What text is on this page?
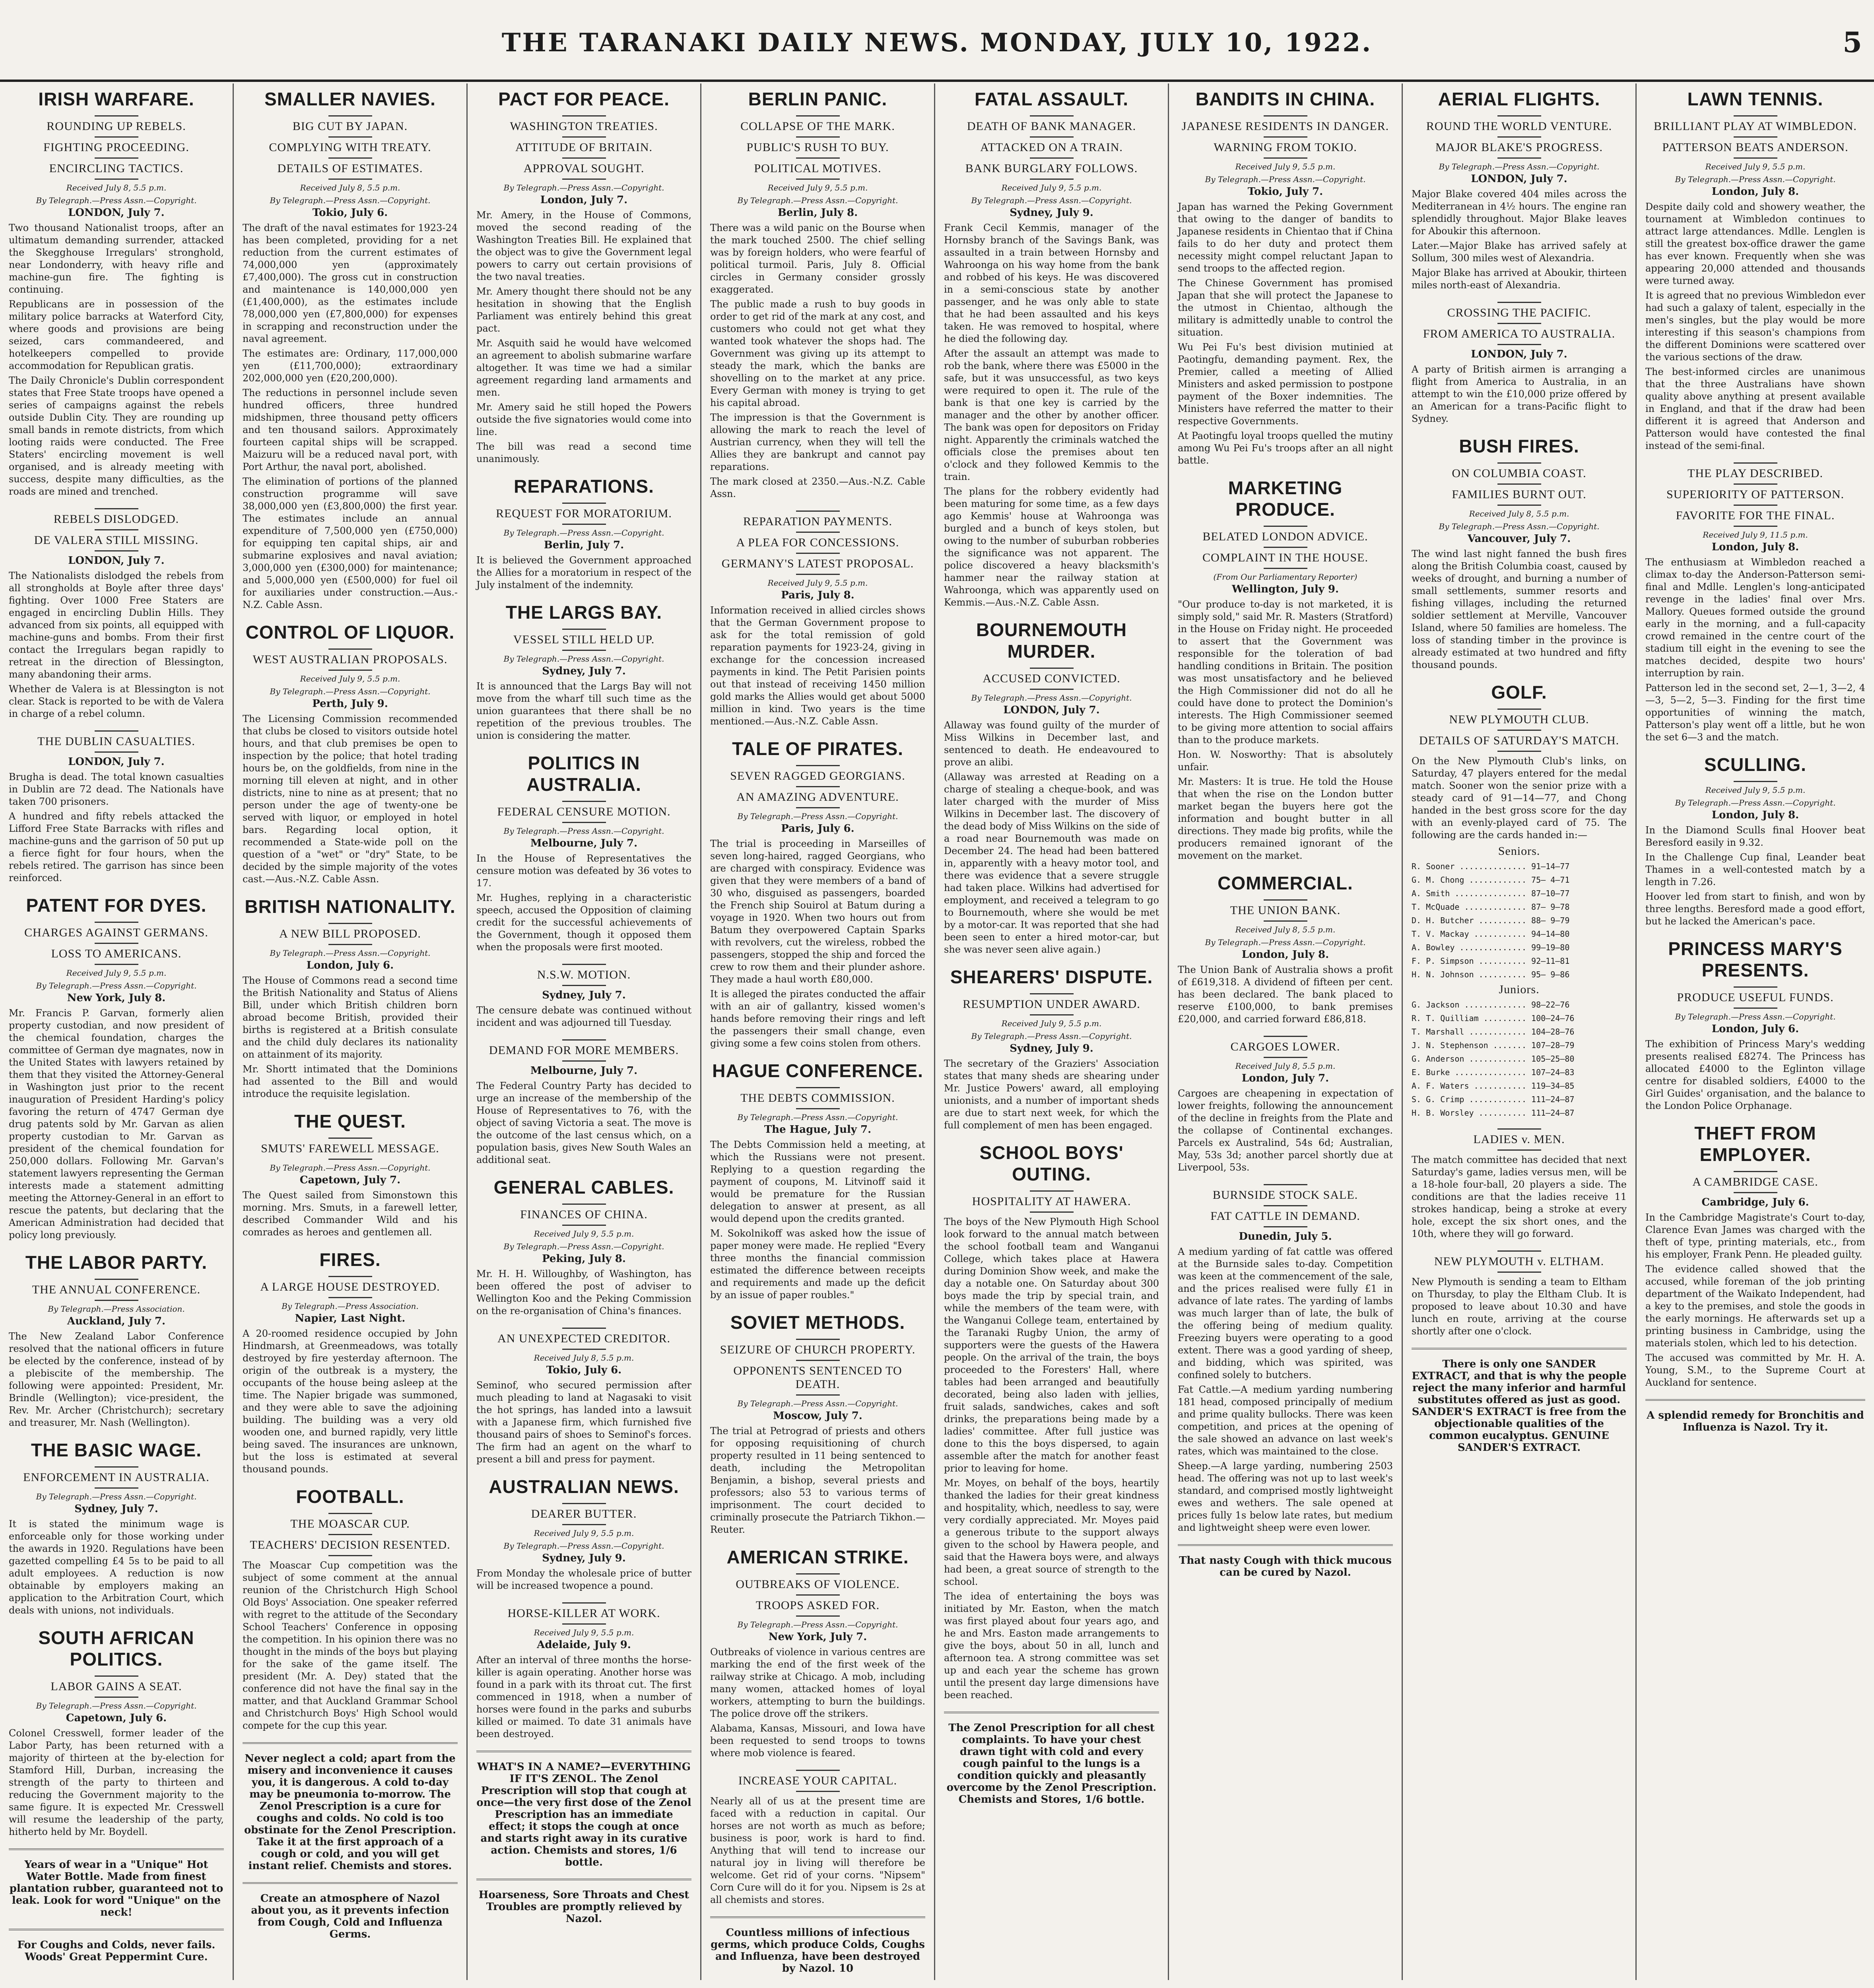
THE TARANAKI DAILY NEWS. MONDAY, JULY 10, 1922.	5
IRISH WARFARE.
ROUNDING UP REBELS.
FIGHTING PROCEEDING.
ENCIRCLING TACTICS.
Received July 8, 5.5 p.m.
By Telegraph.—Press Assn.—Copyright.
LONDON, July 7.
Two thousand Nationalist troops, after an ultimatum demanding surrender, attacked the Skegghouse Irregulars' stronghold, near Londonderry, with heavy rifle and machine-gun fire. The fighting is continuing.
Republicans are in possession of the military police barracks at Waterford City, where goods and provisions are being seized, cars commandeered, and hotelkeepers compelled to provide accommodation for Republican gratis.
The Daily Chronicle's Dublin correspondent states that Free State troops have opened a series of campaigns against the rebels outside Dublin City. They are rounding up small bands in remote districts, from which looting raids were conducted. The Free Staters' encircling movement is well organised, and is already meeting with success, despite many difficulties, as the roads are mined and trenched.
REBELS DISLODGED.
DE VALERA STILL MISSING.
LONDON, July 7.
The Nationalists dislodged the rebels from all strongholds at Boyle after three days' fighting. Over 1000 Free Staters are engaged in encircling Dublin Hills. They advanced from six points, all equipped with machine-guns and bombs. From their first contact the Irregulars began rapidly to retreat in the direction of Blessington, many abandoning their arms.
Whether de Valera is at Blessington is not clear. Stack is reported to be with de Valera in charge of a rebel column.
THE DUBLIN CASUALTIES.
LONDON, July 7.
Brugha is dead. The total known casualties in Dublin are 72 dead. The Nationals have taken 700 prisoners.
A hundred and fifty rebels attacked the Lifford Free State Barracks with rifles and machine-guns and the garrison of 50 put up a fierce fight for four hours, when the rebels retired. The garrison has since been reinforced.
PATENT FOR DYES.
CHARGES AGAINST GERMANS.
LOSS TO AMERICANS.
Received July 9, 5.5 p.m.
By Telegraph.—Press Assn.—Copyright.
New York, July 8.
Mr. Francis P. Garvan, formerly alien property custodian, and now president of the chemical foundation, charges the committee of German dye magnates, now in the United States with lawyers retained by them that they visited the Attorney-General in Washington just prior to the recent inauguration of President Harding's policy favoring the return of 4747 German dye drug patents sold by Mr. Garvan as alien property custodian to Mr. Garvan as president of the chemical foundation for 250,000 dollars. Following Mr. Garvan's statement lawyers representing the German interests made a statement admitting meeting the Attorney-General in an effort to rescue the patents, but declaring that the American Administration had decided that policy long previously.
THE LABOR PARTY.
THE ANNUAL CONFERENCE.
By Telegraph.—Press Association.
Auckland, July 7.
The New Zealand Labor Conference resolved that the national officers in future be elected by the conference, instead of by a plebiscite of the membership. The following were appointed: President, Mr. Brindle (Wellington); vice-president, the Rev. Mr. Archer (Christchurch); secretary and treasurer, Mr. Nash (Wellington).
THE BASIC WAGE.
ENFORCEMENT IN AUSTRALIA.
By Telegraph.—Press Assn.—Copyright.
Sydney, July 7.
It is stated the minimum wage is enforceable only for those working under the awards in 1920. Regulations have been gazetted compelling £4 5s to be paid to all adult employees. A reduction is now obtainable by employers making an application to the Arbitration Court, which deals with unions, not individuals.
SOUTH AFRICAN POLITICS.
LABOR GAINS A SEAT.
By Telegraph.—Press Assn.—Copyright.
Capetown, July 6.
Colonel Cresswell, former leader of the Labor Party, has been returned with a majority of thirteen at the by-election for Stamford Hill, Durban, increasing the strength of the party to thirteen and reducing the Government majority to the same figure. It is expected Mr. Cresswell will resume the leadership of the party, hitherto held by Mr. Boydell.
Years of wear in a "Unique" Hot Water Bottle. Made from finest plantation rubber, guaranteed not to leak. Look for word "Unique" on the neck!
For Coughs and Colds, never fails. Woods' Great Peppermint Cure.
SMALLER NAVIES.
BIG CUT BY JAPAN.
COMPLYING WITH TREATY.
DETAILS OF ESTIMATES.
Received July 8, 5.5 p.m.
By Telegraph.—Press Assn.—Copyright.
Tokio, July 6.
The draft of the naval estimates for 1923-24 has been completed, providing for a net reduction from the current estimates of 74,000,000 yen (approximately £7,400,000). The gross cut in construction and maintenance is 140,000,000 yen (£1,400,000), as the estimates include 78,000,000 yen (£7,800,000) for expenses in scrapping and reconstruction under the naval agreement.
The estimates are: Ordinary, 117,000,000 yen (£11,700,000); extraordinary 202,000,000 yen (£20,200,000).
The reductions in personnel include seven hundred officers, three hundred midshipmen, three thousand petty officers and ten thousand sailors. Approximately fourteen capital ships will be scrapped. Maizuru will be a reduced naval port, with Port Arthur, the naval port, abolished.
The elimination of portions of the planned construction programme will save 38,000,000 yen (£3,800,000) the first year. The estimates include an annual expenditure of 7,500,000 yen (£750,000) for equipping ten capital ships, air and submarine explosives and naval aviation; 3,000,000 yen (£300,000) for maintenance; and 5,000,000 yen (£500,000) for fuel oil for auxiliaries under construction.—Aus.-N.Z. Cable Assn.
CONTROL OF LIQUOR.
WEST AUSTRALIAN PROPOSALS.
Received July 9, 5.5 p.m.
By Telegraph.—Press Assn.—Copyright.
Perth, July 9.
The Licensing Commission recommended that clubs be closed to visitors outside hotel hours, and that club premises be open to inspection by the police; that hotel trading hours be, on the goldfields, from nine in the morning till eleven at night, and in other districts, nine to nine as at present; that no person under the age of twenty-one be served with liquor, or employed in hotel bars. Regarding local option, it recommended a State-wide poll on the question of a "wet" or "dry" State, to be decided by the simple majority of the votes cast.—Aus.-N.Z. Cable Assn.
BRITISH NATIONALITY.
A NEW BILL PROPOSED.
By Telegraph.—Press Assn.—Copyright.
London, July 6.
The House of Commons read a second time the British Nationality and Status of Aliens Bill, under which British children born abroad become British, provided their births is registered at a British consulate and the child duly declares its nationality on attainment of its majority.
Mr. Shortt intimated that the Dominions had assented to the Bill and would introduce the requisite legislation.
THE QUEST.
SMUTS' FAREWELL MESSAGE.
By Telegraph.—Press Assn.—Copyright.
Capetown, July 7.
The Quest sailed from Simonstown this morning. Mrs. Smuts, in a farewell letter, described Commander Wild and his comrades as heroes and gentlemen all.
FIRES.
A LARGE HOUSE DESTROYED.
By Telegraph.—Press Association.
Napier, Last Night.
A 20-roomed residence occupied by John Hindmarsh, at Greenmeadows, was totally destroyed by fire yesterday afternoon. The origin of the outbreak is a mystery, the occupants of the house being asleep at the time. The Napier brigade was summoned, and they were able to save the adjoining building. The building was a very old wooden one, and burned rapidly, very little being saved. The insurances are unknown, but the loss is estimated at several thousand pounds.
FOOTBALL.
THE MOASCAR CUP.
TEACHERS' DECISION RESENTED.
The Moascar Cup competition was the subject of some comment at the annual reunion of the Christchurch High School Old Boys' Association. One speaker referred with regret to the attitude of the Secondary School Teachers' Conference in opposing the competition. In his opinion there was no thought in the minds of the boys but playing for the sake of the game itself. The president (Mr. A. Dey) stated that the conference did not have the final say in the matter, and that Auckland Grammar School and Christchurch Boys' High School would compete for the cup this year.
Never neglect a cold; apart from the misery and inconvenience it causes you, it is dangerous. A cold to-day may be pneumonia to-morrow. The Zenol Prescription is a cure for coughs and colds. No cold is too obstinate for the Zenol Prescription. Take it at the first approach of a cough or cold, and you will get instant relief. Chemists and stores.
Create an atmosphere of Nazol about you, as it prevents infection from Cough, Cold and Influenza Germs.
PACT FOR PEACE.
WASHINGTON TREATIES.
ATTITUDE OF BRITAIN.
APPROVAL SOUGHT.
By Telegraph.—Press Assn.—Copyright.
London, July 7.
Mr. Amery, in the House of Commons, moved the second reading of the Washington Treaties Bill. He explained that the object was to give the Government legal powers to carry out certain provisions of the two naval treaties.
Mr. Amery thought there should not be any hesitation in showing that the English Parliament was entirely behind this great pact.
Mr. Asquith said he would have welcomed an agreement to abolish submarine warfare altogether. It was time we had a similar agreement regarding land armaments and men.
Mr. Amery said he still hoped the Powers outside the five signatories would come into line.
The bill was read a second time unanimously.
REPARATIONS.
REQUEST FOR MORATORIUM.
By Telegraph.—Press Assn.—Copyright.
Berlin, July 7.
It is believed the Government approached the Allies for a moratorium in respect of the July instalment of the indemnity.
THE LARGS BAY.
VESSEL STILL HELD UP.
By Telegraph.—Press Assn.—Copyright.
Sydney, July 7.
It is announced that the Largs Bay will not move from the wharf till such time as the union guarantees that there shall be no repetition of the previous troubles. The union is considering the matter.
POLITICS IN AUSTRALIA.
FEDERAL CENSURE MOTION.
By Telegraph.—Press Assn.—Copyright.
Melbourne, July 7.
In the House of Representatives the censure motion was defeated by 36 votes to 17.
Mr. Hughes, replying in a characteristic speech, accused the Opposition of claiming credit for the successful achievements of the Government, though it opposed them when the proposals were first mooted.
N.S.W. MOTION.
Sydney, July 7.
The censure debate was continued without incident and was adjourned till Tuesday.
DEMAND FOR MORE MEMBERS.
Melbourne, July 7.
The Federal Country Party has decided to urge an increase of the membership of the House of Representatives to 76, with the object of saving Victoria a seat. The move is the outcome of the last census which, on a population basis, gives New South Wales an additional seat.
GENERAL CABLES.
FINANCES OF CHINA.
Received July 9, 5.5 p.m.
By Telegraph.—Press Assn.—Copyright.
Peking, July 8.
Mr. H. H. Willoughby, of Washington, has been offered the post of adviser to Wellington Koo and the Peking Commission on the re-organisation of China's finances.
AN UNEXPECTED CREDITOR.
Received July 8, 5.5 p.m.
Tokio, July 6.
Seminof, who secured permission after much pleading to land at Nagasaki to visit the hot springs, has landed into a lawsuit with a Japanese firm, which furnished five thousand pairs of shoes to Seminof's forces. The firm had an agent on the wharf to present a bill and press for payment.
AUSTRALIAN NEWS.
DEARER BUTTER.
Received July 9, 5.5 p.m.
By Telegraph.—Press Assn.—Copyright.
Sydney, July 9.
From Monday the wholesale price of butter will be increased twopence a pound.
HORSE-KILLER AT WORK.
Received July 9, 5.5 p.m.
Adelaide, July 9.
After an interval of three months the horse-killer is again operating. Another horse was found in a park with its throat cut. The first commenced in 1918, when a number of horses were found in the parks and suburbs killed or maimed. To date 31 animals have been destroyed.
WHAT'S IN A NAME?—EVERYTHING IF IT'S ZENOL. The Zenol Prescription will stop that cough at once—the very first dose of the Zenol Prescription has an immediate effect; it stops the cough at once and starts right away in its curative action. Chemists and stores, 1/6 bottle.
Hoarseness, Sore Throats and Chest Troubles are promptly relieved by Nazol.
BERLIN PANIC.
COLLAPSE OF THE MARK.
PUBLIC'S RUSH TO BUY.
POLITICAL MOTIVES.
Received July 9, 5.5 p.m.
By Telegraph.—Press Assn.—Copyright.
Berlin, July 8.
There was a wild panic on the Bourse when the mark touched 2500. The chief selling was by foreign holders, who were fearful of political turmoil. Paris, July 8. Official circles in Germany consider grossly exaggerated.
The public made a rush to buy goods in order to get rid of the mark at any cost, and customers who could not get what they wanted took whatever the shops had. The Government was giving up its attempt to steady the mark, which the banks are shovelling on to the market at any price. Every German with money is trying to get his capital abroad.
The impression is that the Government is allowing the mark to reach the level of Austrian currency, when they will tell the Allies they are bankrupt and cannot pay reparations.
The mark closed at 2350.—Aus.-N.Z. Cable Assn.
REPARATION PAYMENTS.
A PLEA FOR CONCESSIONS.
GERMANY'S LATEST PROPOSAL.
Received July 9, 5.5 p.m.
Paris, July 8.
Information received in allied circles shows that the German Government propose to ask for the total remission of gold reparation payments for 1923-24, giving in exchange for the concession increased payments in kind. The Petit Parisien points out that instead of receiving 1450 million gold marks the Allies would get about 5000 million in kind. Two years is the time mentioned.—Aus.-N.Z. Cable Assn.
TALE OF PIRATES.
SEVEN RAGGED GEORGIANS.
AN AMAZING ADVENTURE.
By Telegraph.—Press Assn.—Copyright.
Paris, July 6.
The trial is proceeding in Marseilles of seven long-haired, ragged Georgians, who are charged with conspiracy. Evidence was given that they were members of a band of 30 who, disguised as passengers, boarded the French ship Souirol at Batum during a voyage in 1920. When two hours out from Batum they overpowered Captain Sparks with revolvers, cut the wireless, robbed the passengers, stopped the ship and forced the crew to row them and their plunder ashore. They made a haul worth £80,000.
It is alleged the pirates conducted the affair with an air of gallantry, kissed women's hands before removing their rings and left the passengers their small change, even giving some a few coins stolen from others.
HAGUE CONFERENCE.
THE DEBTS COMMISSION.
By Telegraph.—Press Assn.—Copyright.
The Hague, July 7.
The Debts Commission held a meeting, at which the Russians were not present. Replying to a question regarding the payment of coupons, M. Litvinoff said it would be premature for the Russian delegation to answer at present, as all would depend upon the credits granted.
M. Sokolnikoff was asked how the issue of paper money were made. He replied "Every three months the financial commission estimated the difference between receipts and requirements and made up the deficit by an issue of paper roubles."
SOVIET METHODS.
SEIZURE OF CHURCH PROPERTY.
OPPONENTS SENTENCED TO DEATH.
By Telegraph.—Press Assn.—Copyright.
Moscow, July 7.
The trial at Petrograd of priests and others for opposing requisitioning of church property resulted in 11 being sentenced to death, including the Metropolitan Benjamin, a bishop, several priests and professors; also 53 to various terms of imprisonment. The court decided to criminally prosecute the Patriarch Tikhon.—Reuter.
AMERICAN STRIKE.
OUTBREAKS OF VIOLENCE.
TROOPS ASKED FOR.
By Telegraph.—Press Assn.—Copyright.
New York, July 7.
Outbreaks of violence in various centres are marking the end of the first week of the railway strike at Chicago. A mob, including many women, attacked homes of loyal workers, attempting to burn the buildings. The police drove off the strikers.
Alabama, Kansas, Missouri, and Iowa have been requested to send troops to towns where mob violence is feared.
INCREASE YOUR CAPITAL.
Nearly all of us at the present time are faced with a reduction in capital. Our horses are not worth as much as before; business is poor, work is hard to find. Anything that will tend to increase our natural joy in living will therefore be welcome. Get rid of your corns. "Nipsem" Corn Cure will do it for you. Nipsem is 2s at all chemists and stores.
Countless millions of infectious germs, which produce Colds, Coughs and Influenza, have been destroyed by Nazol. 10
FATAL ASSAULT.
DEATH OF BANK MANAGER.
ATTACKED ON A TRAIN.
BANK BURGLARY FOLLOWS.
Received July 9, 5.5 p.m.
By Telegraph.—Press Assn.—Copyright.
Sydney, July 9.
Frank Cecil Kemmis, manager of the Hornsby branch of the Savings Bank, was assaulted in a train between Hornsby and Wahroonga on his way home from the bank and robbed of his keys. He was discovered in a semi-conscious state by another passenger, and he was only able to state that he had been assaulted and his keys taken. He was removed to hospital, where he died the following day.
After the assault an attempt was made to rob the bank, where there was £5000 in the safe, but it was unsuccessful, as two keys were required to open it. The rule of the bank is that one key is carried by the manager and the other by another officer. The bank was open for depositors on Friday night. Apparently the criminals watched the officials close the premises about ten o'clock and they followed Kemmis to the train.
The plans for the robbery evidently had been maturing for some time, as a few days ago Kemmis' house at Wahroonga was burgled and a bunch of keys stolen, but owing to the number of suburban robberies the significance was not apparent. The police discovered a heavy blacksmith's hammer near the railway station at Wahroonga, which was apparently used on Kemmis.—Aus.-N.Z. Cable Assn.
BOURNEMOUTH MURDER.
ACCUSED CONVICTED.
By Telegraph.—Press Assn.—Copyright.
LONDON, July 7.
Allaway was found guilty of the murder of Miss Wilkins in December last, and sentenced to death. He endeavoured to prove an alibi.
(Allaway was arrested at Reading on a charge of stealing a cheque-book, and was later charged with the murder of Miss Wilkins in December last. The discovery of the dead body of Miss Wilkins on the side of a road near Bournemouth was made on December 24. The head had been battered in, apparently with a heavy motor tool, and there was evidence that a severe struggle had taken place. Wilkins had advertised for employment, and received a telegram to go to Bournemouth, where she would be met by a motor-car. It was reported that she had been seen to enter a hired motor-car, but she was never seen alive again.)
SHEARERS' DISPUTE.
RESUMPTION UNDER AWARD.
Received July 9, 5.5 p.m.
By Telegraph.—Press Assn.—Copyright.
Sydney, July 9.
The secretary of the Graziers' Association states that many sheds are shearing under Mr. Justice Powers' award, all employing unionists, and a number of important sheds are due to start next week, for which the full complement of men has been engaged.
SCHOOL BOYS' OUTING.
HOSPITALITY AT HAWERA.
The boys of the New Plymouth High School look forward to the annual match between the school football team and Wanganui College, which takes place at Hawera during Dominion Show week, and make the day a notable one. On Saturday about 300 boys made the trip by special train, and while the members of the team were, with the Wanganui College team, entertained by the Taranaki Rugby Union, the army of supporters were the guests of the Hawera people. On the arrival of the train, the boys proceeded to the Foresters' Hall, where tables had been arranged and beautifully decorated, being also laden with jellies, fruit salads, sandwiches, cakes and soft drinks, the preparations being made by a ladies' committee. After full justice was done to this the boys dispersed, to again assemble after the match for another feast prior to leaving for home.
Mr. Moyes, on behalf of the boys, heartily thanked the ladies for their great kindness and hospitality, which, needless to say, were very cordially appreciated. Mr. Moyes paid a generous tribute to the support always given to the school by Hawera people, and said that the Hawera boys were, and always had been, a great source of strength to the school.
The idea of entertaining the boys was initiated by Mr. Easton, when the match was first played about four years ago, and he and Mrs. Easton made arrangements to give the boys, about 50 in all, lunch and afternoon tea. A strong committee was set up and each year the scheme has grown until the present day large dimensions have been reached.
The Zenol Prescription for all chest complaints. To have your chest drawn tight with cold and every cough painful to the lungs is a condition quickly and pleasantly overcome by the Zenol Prescription. Chemists and Stores, 1/6 bottle.
BANDITS IN CHINA.
JAPANESE RESIDENTS IN DANGER.
WARNING FROM TOKIO.
Received July 9, 5.5 p.m.
By Telegraph.—Press Assn.—Copyright.
Tokio, July 7.
Japan has warned the Peking Government that owing to the danger of bandits to Japanese residents in Chientao that if China fails to do her duty and protect them necessity might compel reluctant Japan to send troops to the affected region.
The Chinese Government has promised Japan that she will protect the Japanese to the utmost in Chientao, although the military is admittedly unable to control the situation.
Wu Pei Fu's best division mutinied at Paotingfu, demanding payment. Rex, the Premier, called a meeting of Allied Ministers and asked permission to postpone payment of the Boxer indemnities. The Ministers have referred the matter to their respective Governments.
At Paotingfu loyal troops quelled the mutiny among Wu Pei Fu's troops after an all night battle.
MARKETING PRODUCE.
BELATED LONDON ADVICE.
COMPLAINT IN THE HOUSE.
(From Our Parliamentary Reporter)
Wellington, July 9.
"Our produce to-day is not marketed, it is simply sold," said Mr. R. Masters (Stratford) in the House on Friday night. He proceeded to assert that the Government was responsible for the toleration of bad handling conditions in Britain. The position was most unsatisfactory and he believed the High Commissioner did not do all he could have done to protect the Dominion's interests. The High Commissioner seemed to be giving more attention to social affairs than to the produce markets.
Hon. W. Nosworthy: That is absolutely unfair.
Mr. Masters: It is true. He told the House that when the rise on the London butter market began the buyers here got the information and bought butter in all directions. They made big profits, while the producers remained ignorant of the movement on the market.
COMMERCIAL.
THE UNION BANK.
Received July 8, 5.5 p.m.
By Telegraph.—Press Assn.—Copyright.
London, July 8.
The Union Bank of Australia shows a profit of £619,318. A dividend of fifteen per cent. has been declared. The bank placed to reserve £100,000, to bank premises £20,000, and carried forward £86,818.
CARGOES LOWER.
Received July 8, 5.5 p.m.
London, July 7.
Cargoes are cheapening in expectation of lower freights, following the announcement of the decline in freights from the Plate and the collapse of Continental exchanges. Parcels ex Australind, 54s 6d; Australian, May, 53s 3d; another parcel shortly due at Liverpool, 53s.
BURNSIDE STOCK SALE.
FAT CATTLE IN DEMAND.
Dunedin, July 5.
A medium yarding of fat cattle was offered at the Burnside sales to-day. Competition was keen at the commencement of the sale, and the prices realised were fully £1 in advance of late rates. The yarding of lambs was much larger than of late, the bulk of the offering being of medium quality. Freezing buyers were operating to a good extent. There was a good yarding of sheep, and bidding, which was spirited, was confined solely to butchers.
Fat Cattle.—A medium yarding numbering 181 head, composed principally of medium and prime quality bullocks. There was keen competition, and prices at the opening of the sale showed an advance on last week's rates, which was maintained to the close.
Sheep.—A large yarding, numbering 2503 head. The offering was not up to last week's standard, and comprised mostly lightweight ewes and wethers. The sale opened at prices fully 1s below late rates, but medium and lightweight sheep were even lower.
That nasty Cough with thick mucous can be cured by Nazol.
AERIAL FLIGHTS.
ROUND THE WORLD VENTURE.
MAJOR BLAKE'S PROGRESS.
By Telegraph.—Press Assn.—Copyright.
LONDON, July 7.
Major Blake covered 404 miles across the Mediterranean in 4½ hours. The engine ran splendidly throughout. Major Blake leaves for Aboukir this afternoon.
Later.—Major Blake has arrived safely at Sollum, 300 miles west of Alexandria.
Major Blake has arrived at Aboukir, thirteen miles north-east of Alexandria.
CROSSING THE PACIFIC.
FROM AMERICA TO AUSTRALIA.
LONDON, July 7.
A party of British airmen is arranging a flight from America to Australia, in an attempt to win the £10,000 prize offered by an American for a trans-Pacific flight to Sydney.
BUSH FIRES.
ON COLUMBIA COAST.
FAMILIES BURNT OUT.
Received July 8, 5.5 p.m.
By Telegraph.—Press Assn.—Copyright.
Vancouver, July 7.
The wind last night fanned the bush fires along the British Columbia coast, caused by weeks of drought, and burning a number of small settlements, summer resorts and fishing villages, including the returned soldier settlement at Merville, Vancouver Island, where 50 families are homeless. The loss of standing timber in the province is already estimated at two hundred and fifty thousand pounds.
GOLF.
NEW PLYMOUTH CLUB.
DETAILS OF SATURDAY'S MATCH.
On the New Plymouth Club's links, on Saturday, 47 players entered for the medal match. Sooner won the senior prize with a steady card of 91—14—77, and Chong handed in the best gross score for the day with an evenly-played card of 75. The following are the cards handed in:—
Seniors.
R. Sooner .............. 91—14—77
G. M. Chong ............ 75— 4—71
A. Smith ............... 87—10—77
T. McQuade ............. 87— 9—78
D. H. Butcher .......... 88— 9—79
T. V. Mackay ........... 94—14—80
A. Bowley .............. 99—19—80
F. P. Simpson .......... 92—11—81
H. N. Johnson .......... 95— 9—86
Juniors.
G. Jackson ............. 98—22—76
R. T. Quilliam ......... 100—24—76
T. Marshall ............ 104—28—76
J. N. Stephenson ....... 107—28—79
G. Anderson ............ 105—25—80
E. Burke ............... 107—24—83
A. F. Waters ........... 119—34—85
S. G. Crimp ............ 111—24—87
H. B. Worsley .......... 111—24—87
LADIES v. MEN.
The match committee has decided that next Saturday's game, ladies versus men, will be a 18-hole four-ball, 20 players a side. The conditions are that the ladies receive 11 strokes handicap, being a stroke at every hole, except the six short ones, and the 10th, where they will go forward.
NEW PLYMOUTH v. ELTHAM.
New Plymouth is sending a team to Eltham on Thursday, to play the Eltham Club. It is proposed to leave about 10.30 and have lunch en route, arriving at the course shortly after one o'clock.
There is only one SANDER EXTRACT, and that is why the people reject the many inferior and harmful substitutes offered as just as good. SANDER'S EXTRACT is free from the objectionable qualities of the common eucalyptus. GENUINE SANDER'S EXTRACT.
LAWN TENNIS.
BRILLIANT PLAY AT WIMBLEDON.
PATTERSON BEATS ANDERSON.
Received July 9, 5.5 p.m.
By Telegraph.—Press Assn.—Copyright.
London, July 8.
Despite daily cold and showery weather, the tournament at Wimbledon continues to attract large attendances. Mdlle. Lenglen is still the greatest box-office drawer the game has ever known. Frequently when she was appearing 20,000 attended and thousands were turned away.
It is agreed that no previous Wimbledon ever had such a galaxy of talent, especially in the men's singles, but the play would be more interesting if this season's champions from the different Dominions were scattered over the various sections of the draw.
The best-informed circles are unanimous that the three Australians have shown quality above anything at present available in England, and that if the draw had been different it is agreed that Anderson and Patterson would have contested the final instead of the semi-final.
THE PLAY DESCRIBED.
SUPERIORITY OF PATTERSON.
FAVORITE FOR THE FINAL.
Received July 9, 11.5 p.m.
London, July 8.
The enthusiasm at Wimbledon reached a climax to-day the Anderson-Patterson semi-final and Mdlle. Lenglen's long-anticipated revenge in the ladies' final over Mrs. Mallory. Queues formed outside the ground early in the morning, and a full-capacity crowd remained in the centre court of the stadium till eight in the evening to see the matches decided, despite two hours' interruption by rain.
Patterson led in the second set, 2—1, 3—2, 4—3, 5—2, 5—3. Finding for the first time opportunities of winning the match, Patterson's play went off a little, but he won the set 6—3 and the match.
SCULLING.
Received July 9, 5.5 p.m.
By Telegraph.—Press Assn.—Copyright.
London, July 8.
In the Diamond Sculls final Hoover beat Beresford easily in 9.32.
In the Challenge Cup final, Leander beat Thames in a well-contested match by a length in 7.26.
Hoover led from start to finish, and won by three lengths. Beresford made a good effort, but he lacked the American's pace.
PRINCESS MARY'S PRESENTS.
PRODUCE USEFUL FUNDS.
By Telegraph.—Press Assn.—Copyright.
London, July 6.
The exhibition of Princess Mary's wedding presents realised £8274. The Princess has allocated £4000 to the Eglinton village centre for disabled soldiers, £4000 to the Girl Guides' organisation, and the balance to the London Police Orphanage.
THEFT FROM EMPLOYER.
A CAMBRIDGE CASE.
Cambridge, July 6.
In the Cambridge Magistrate's Court to-day, Clarence Evan James was charged with the theft of type, printing materials, etc., from his employer, Frank Penn. He pleaded guilty.
The evidence called showed that the accused, while foreman of the job printing department of the Waikato Independent, had a key to the premises, and stole the goods in the early mornings. He afterwards set up a printing business in Cambridge, using the materials stolen, which led to his detection.
The accused was committed by Mr. H. A. Young, S.M., to the Supreme Court at Auckland for sentence.
A splendid remedy for Bronchitis and Influenza is Nazol. Try it.
